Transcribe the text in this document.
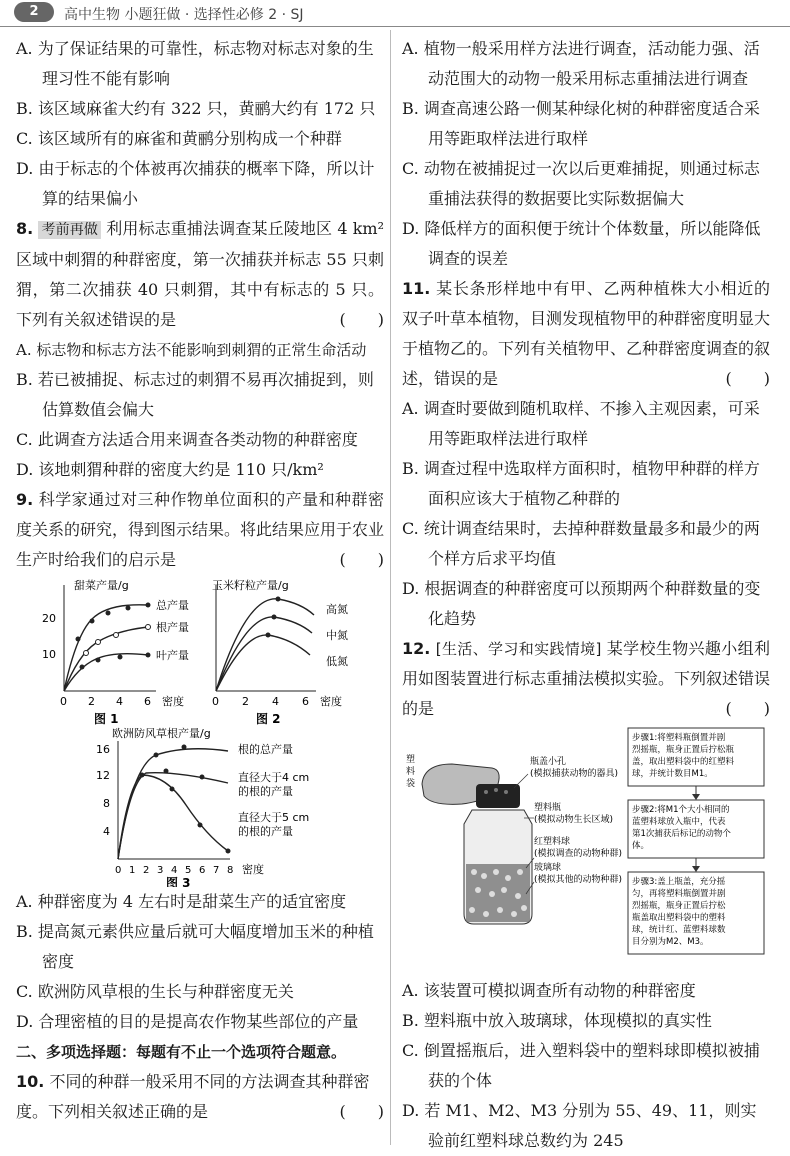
2	高中生物 小题狂做 · 选择性必修 2 · SJ

A. 为了保证结果的可靠性，标志物对标志对象的生理习性不能有影响

B. 该区域麻雀大约有 322 只，黄鹂大约有 172 只

C. 该区域所有的麻雀和黄鹂分别构成一个种群

D. 由于标志的个体被再次捕获的概率下降，所以计算的结果偏小

8. 考前再做 利用标志重捕法调查某丘陵地区 4 km² 区域中刺猬的种群密度，第一次捕获并标志 55 只刺猬，第二次捕获 40 只刺猬，其中有标志的 5 只。下列有关叙述错误的是	(　　)

A. 标志物和标志方法不能影响到刺猬的正常生命活动

B. 若已被捕捉、标志过的刺猬不易再次捕捉到，则估算数值会偏大

C. 此调查方法适合用来调查各类动物的种群密度

D. 该地刺猬种群的密度大约是 110 只/km²

9. 科学家通过对三种作物单位面积的产量和种群密度关系的研究，得到图示结果。将此结果应用于农业生产时给我们的启示是	(　　)

甜菜产量/g
10
20
0 2 4 6 密度
图 1
总产量
根产量
叶产量
玉米籽粒产量/g
0 2 4 6 密度
图 2
高氮
中氮
低氮
欧洲防风草根产量/g
4
8
12
16
0 1 2 3 4 5 6 7 8 密度
图 3
根的总产量
直径大于4 cm
的根的产量
直径大于5 cm
的根的产量

A. 种群密度为 4 左右时是甜菜生产的适宜密度

B. 提高氮元素供应量后就可大幅度增加玉米的种植密度

C. 欧洲防风草根的生长与种群密度无关

D. 合理密植的目的是提高农作物某些部位的产量

二、多项选择题：每题有不止一个选项符合题意。

10. 不同的种群一般采用不同的方法调查其种群密度。下列相关叙述正确的是	(　　)

A. 植物一般采用样方法进行调查，活动能力强、活动范围大的动物一般采用标志重捕法进行调查

B. 调查高速公路一侧某种绿化树的种群密度适合采用等距取样法进行取样

C. 动物在被捕捉过一次以后更难捕捉，则通过标志重捕法获得的数据要比实际数据偏大

D. 降低样方的面积便于统计个体数量，所以能降低调查的误差

11. 某长条形样地中有甲、乙两种植株大小相近的双子叶草本植物，目测发现植物甲的种群密度明显大于植物乙的。下列有关植物甲、乙种群密度调查的叙述，错误的是	(　　)

A. 调查时要做到随机取样、不掺入主观因素，可采用等距取样法进行取样

B. 调查过程中选取样方面积时，植物甲种群的样方面积应该大于植物乙种群的

C. 统计调查结果时，去掉种群数量最多和最少的两个样方后求平均值

D. 根据调查的种群密度可以预期两个种群数量的变化趋势

12. [生活、学习和实践情境] 某学校生物兴趣小组利用如图装置进行标志重捕法模拟实验。下列叙述错误的是	(　　)

塑
料
袋
塑料袋
瓶盖小孔
(模拟捕获动物的器具)
塑料瓶
(模拟动物生长区域)
红塑料球
(模拟调查的动物种群)
玻璃球
(模拟其他的动物种群)
步骤1:将塑料瓶倒置并剧
烈摇瓶，瓶身正置后拧松瓶
盖，取出塑料袋中的红塑料
球，并统计数目M1。
步骤2:将M1个大小相同的
蓝塑料球放入瓶中，代表
第1次捕获后标记的动物个
体。
步骤3:盖上瓶盖，充分摇
匀，再将塑料瓶倒置并剧
烈摇瓶，瓶身正置后拧松
瓶盖取出塑料袋中的塑料
球，统计红、蓝塑料球数
目分别为M2、M3。

A. 该装置可模拟调查所有动物的种群密度

B. 塑料瓶中放入玻璃球，体现模拟的真实性

C. 倒置摇瓶后，进入塑料袋中的塑料球即模拟被捕获的个体

D. 若 M1、M2、M3 分别为 55、49、11，则实验前红塑料球总数约为 245
